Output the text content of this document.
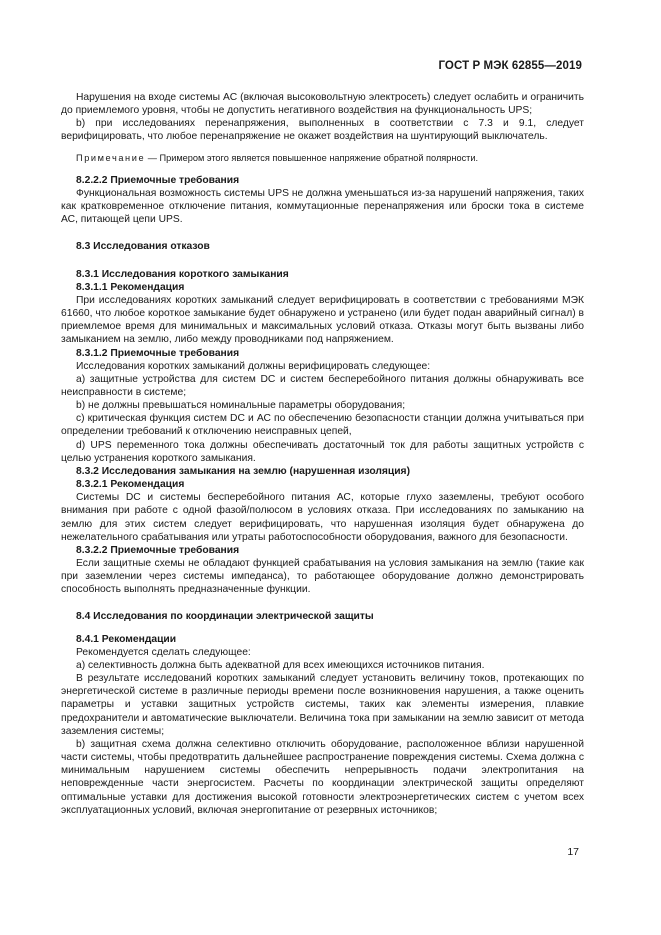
ГОСТ Р МЭК 62855—2019

Нарушения на входе системы АС (включая высоковольтную электросеть) следует ослабить и ограничить до приемлемого уровня, чтобы не допустить негативного воздействия на функциональность UPS;

b) при исследованиях перенапряжения, выполненных в соответствии с 7.3 и 9.1, следует верифицировать, что любое перенапряжение не окажет воздействия на шунтирующий выключатель.

Примечание — Примером этого является повышенное напряжение обратной полярности.

8.2.2.2 Приемочные требования

Функциональная возможность системы UPS не должна уменьшаться из-за нарушений напряжения, таких как кратковременное отключение питания, коммутационные перенапряжения или броски тока в системе АС, питающей цепи UPS.

8.3 Исследования отказов

8.3.1 Исследования короткого замыкания

8.3.1.1 Рекомендация

При исследованиях коротких замыканий следует верифицировать в соответствии с требованиями МЭК 61660, что любое короткое замыкание будет обнаружено и устранено (или будет подан аварийный сигнал) в приемлемое время для минимальных и максимальных условий отказа. Отказы могут быть вызваны либо замыканием на землю, либо между проводниками под напряжением.

8.3.1.2 Приемочные требования

Исследования коротких замыканий должны верифицировать следующее:

a) защитные устройства для систем DC и систем бесперебойного питания должны обнаруживать все неисправности в системе;

b) не должны превышаться номинальные параметры оборудования;

c) критическая функция систем DC и АС по обеспечению безопасности станции должна учитываться при определении требований к отключению неисправных цепей,

d) UPS переменного тока должны обеспечивать достаточный ток для работы защитных устройств с целью устранения короткого замыкания.

8.3.2 Исследования замыкания на землю (нарушенная изоляция)

8.3.2.1 Рекомендация

Системы DC и системы бесперебойного питания АС, которые глухо заземлены, требуют особого внимания при работе с одной фазой/полюсом в условиях отказа. При исследованиях по замыканию на землю для этих систем следует верифицировать, что нарушенная изоляция будет обнаружена до нежелательного срабатывания или утраты работоспособности оборудования, важного для безопасности.

8.3.2.2 Приемочные требования

Если защитные схемы не обладают функцией срабатывания на условия замыкания на землю (такие как при заземлении через системы импеданса), то работающее оборудование должно демонстрировать способность выполнять предназначенные функции.

8.4 Исследования по координации электрической защиты

8.4.1 Рекомендации

Рекомендуется сделать следующее:

a) селективность должна быть адекватной для всех имеющихся источников питания.

В результате исследований коротких замыканий следует установить величину токов, протекающих по энергетической системе в различные периоды времени после возникновения нарушения, а также оценить параметры и уставки защитных устройств системы, таких как элементы измерения, плавкие предохранители и автоматические выключатели. Величина тока при замыкании на землю зависит от метода заземления системы;

b) защитная схема должна селективно отключить оборудование, расположенное вблизи нарушенной части системы, чтобы предотвратить дальнейшее распространение повреждения системы. Схема должна с минимальным нарушением системы обеспечить непрерывность подачи электропитания на неповрежденные части энергосистем. Расчеты по координации электрической защиты определяют оптимальные уставки для достижения высокой готовности электроэнергетических систем с учетом всех эксплуатационных условий, включая энергопитание от резервных источников;

17
